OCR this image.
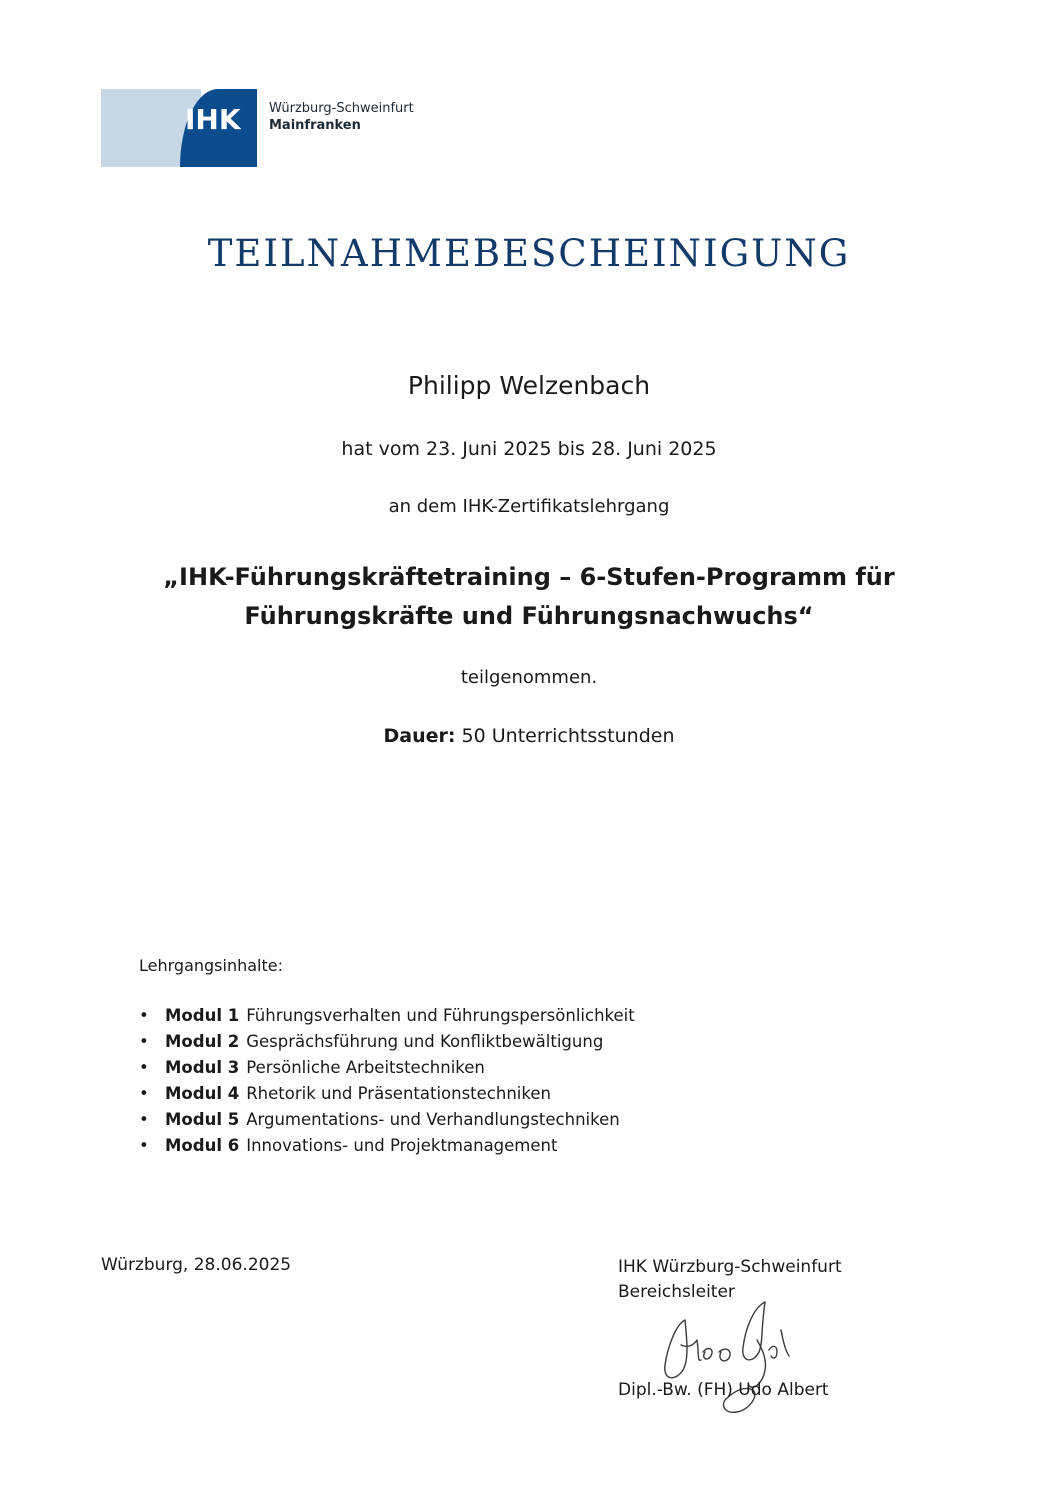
IHK Würzburg-Schweinfurt
Mainfranken
TEILNAHMEBESCHEINIGUNG
Philipp Welzenbach
hat vom 23. Juni 2025 bis 28. Juni 2025
an dem IHK-Zertifikatslehrgang
„IHK-Führungskräftetraining – 6-Stufen-Programm für
Führungskräfte und Führungsnachwuchs“
teilgenommen.
Dauer: 50 Unterrichtsstunden
Lehrgangsinhalte:
• Modul 1 Führungsverhalten und Führungspersönlichkeit
• Modul 2 Gesprächsführung und Konfliktbewältigung
• Modul 3 Persönliche Arbeitstechniken
• Modul 4 Rhetorik und Präsentationstechniken
• Modul 5 Argumentations- und Verhandlungstechniken
• Modul 6 Innovations- und Projektmanagement
Würzburg, 28.06.2025	IHK Würzburg-Schweinfurt
Bereichsleiter
Dipl.-Bw. (FH) Udo Albert
